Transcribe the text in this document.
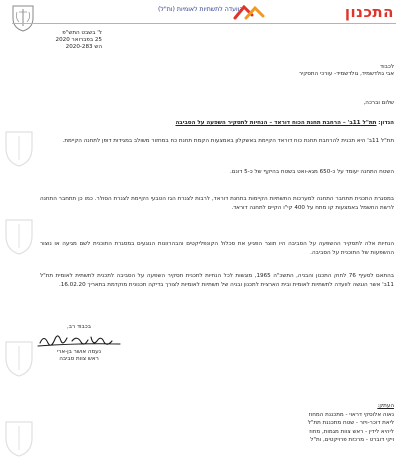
הוועדה לתשתיות לאומיות (ות"ל)	התכנון
ל' בשבט התש"פ
25 בפברואר 2020
הש 2020-283
לכבוד
אבי גולדשמיד, גולדשמיד- עורכי התסקיר
שלום וברכה,
הנדון: תת"ל 11ב' – הרחבת תחנת הכוח דוראד – הנחיות לתסקיר השפעה על הסביבה
תת"ל 11ב' היא תכנית להרחבת תחנת כוח דוראד הקיימת באשקלון באמצעות הקמת תחנת כח במחזור משולב במגידות דופן לתחנה הקיימת.
השטח התחנה יעומד על כ-650 מגא-ואט בשטח בהיקף של כ-5 דונם.
במסגרת התכנית תתחבר התחנה למערכות התשתיות הקיימות בתחנת דוראד, לרבות לצנרת הגז הטבעי הקיימת לצנרת הסולר. כמו כן תתחבר התחנה לרשת החשמל באמצעות קו מתח על 400 קי"ו הקיים לתחנה דוראד.
הנחיות אלה לתסקיר ההשפעה על הסביבה היו תוצר הפגיע את סכלול הקונפליקטים והבהרוונות הנוגעים במסגרת התוכנית לשם מגיעה או נוצור ההשפעות של התוכנית על הסביבה.
בהתאם לסעיף 76 לחוק התכנון והבניה, התשכ"ה 1965, מוגשות לכל הנחיות לתכנית תסקיר השפעה על הסביבה לתכנית לתשתית לאומית תת"ל 11ב' אשר הוגשה לוועדה לתשתיות לאומית ובית הארצית לתכנון ובניה של תשתיות לאומיות לצורך בדיקה תכנונית מוקדמת בתאריך 16.02.20.
בכבוד רב,
נעמה אושר בן-ארי
ראש צוות סביבה
העתק:
נאוה אלוסקי דראוי - מתכננת המחוז
ליאת דוכר-ויזר - שטח מתכננת תת"ל
ליהיא לידין - ראש צוות מגמות, מחוז
ויקי דוברט - מרכזת פרויקטים, ות"ל
